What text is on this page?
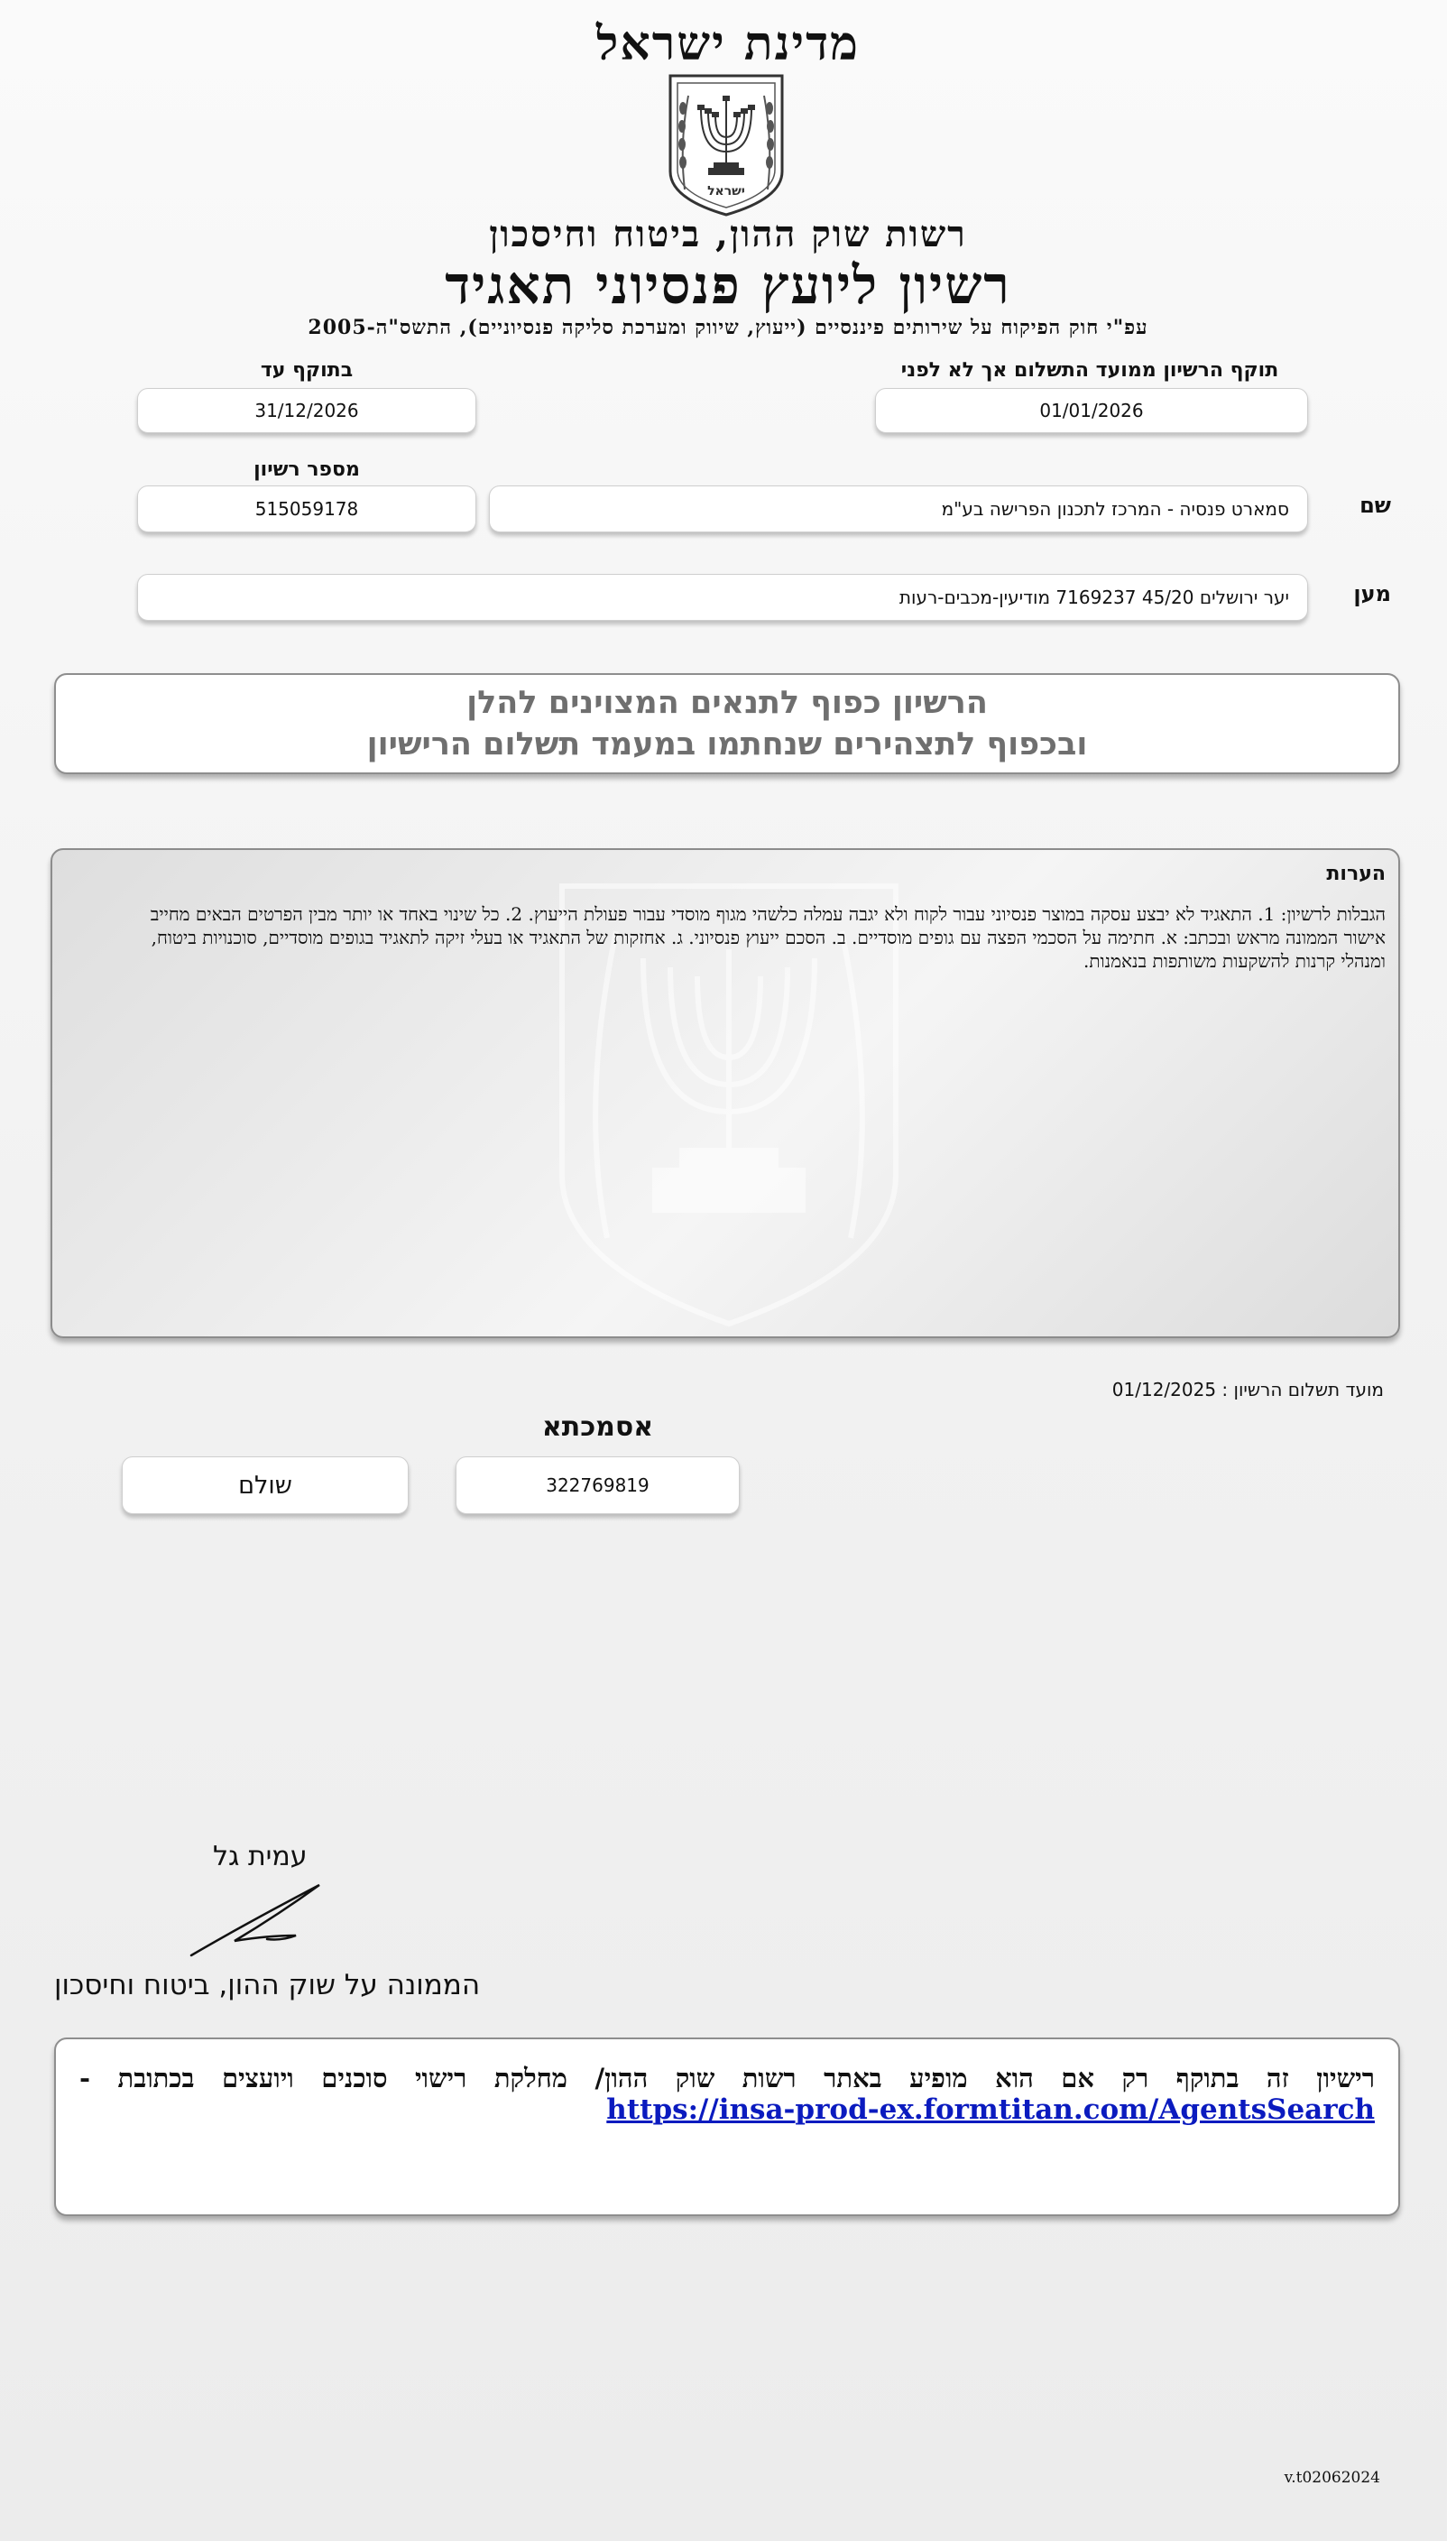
מדינת ישראל
ישראל
רשות שוק ההון, ביטוח וחיסכון
רשיון ליועץ פנסיוני תאגיד
עפ"י חוק הפיקוח על שירותים פיננסיים (ייעוץ, שיווק ומערכת סליקה פנסיוניים), התשס"ה-2005
תוקף הרשיון ממועד התשלום אך לא לפני
01/01/2026
בתוקף עד
31/12/2026
שם
סמארט פנסיה - המרכז לתכנון הפרישה בע"מ
מספר רשיון
515059178
מען
יער ירושלים 45/20 7169237 מודיעין-מכבים-רעות
הרשיון כפוף לתנאים המצוינים להלן
ובכפוף לתצהירים שנחתמו במעמד תשלום הרישיון
הערות
הגבלות לרשיון: 1. התאגיד לא יבצע עסקה במוצר פנסיוני עבור לקוח ולא יגבה עמלה כלשהי מגוף מוסדי עבור פעולת הייעוץ. 2. כל שינוי באחד או יותר מבין הפרטים הבאים מחייב אישור הממונה מראש ובכתב: א. חתימה על הסכמי הפצה עם גופים מוסדיים. ב. הסכם ייעוץ פנסיוני. ג. אחזקות של התאגיד או בעלי זיקה לתאגיד בגופים מוסדיים, סוכנויות ביטוח, ומנהלי קרנות להשקעות משותפות בנאמנות.
מועד תשלום הרשיון : 01/12/2025
אסמכתא
322769819
שולם
עמית גל
הממונה על שוק ההון, ביטוח וחיסכון
רישיון זה בתוקף רק אם הוא מופיע באתר רשות שוק ההון/ מחלקת רישוי סוכנים ויועצים בכתובת -
https://insa-prod-ex.formtitan.com/AgentsSearch
v.t02062024
